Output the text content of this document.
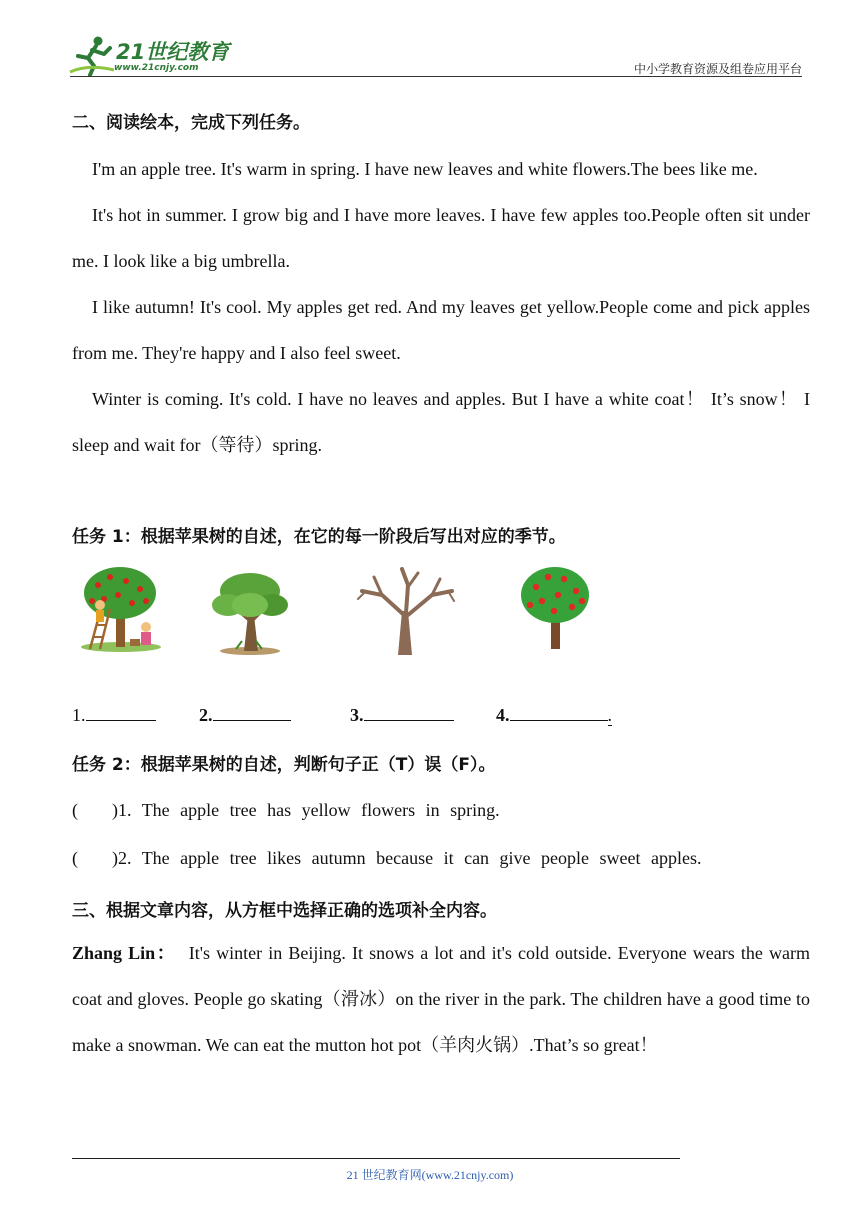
21世纪教育
www.21cnjy.com	中小学教育资源及组卷应用平台
二、阅读绘本，完成下列任务。
I'm an apple tree. It's warm in spring. I have new leaves and white flowers.The bees like me.
It's hot in summer. I grow big and I have more leaves. I have few apples too.People often sit under me. I look like a big umbrella.
I like autumn! It's cool. My apples get red. And my leaves get yellow.People come and pick apples from me. They're happy and I also feel sweet.
Winter is coming. It's cold. I have no leaves and apples. But I have a white coat！ It’s snow！ I sleep and wait for（等待）spring.
任务 1：根据苹果树的自述，在它的每一阶段后写出对应的季节。
1.	2.	3.	4.	.
任务 2：根据苹果树的自述，判断句子正（T）误（F）。
( )1. The apple tree has yellow flowers in spring.
( )2. The apple tree likes autumn because it can give people sweet apples.
三、根据文章内容，从方框中选择正确的选项补全内容。
Zhang Lin： It's winter in Beijing. It snows a lot and it's cold outside. Everyone wears the warm coat and gloves. People go skating（滑冰）on the river in the park. The children have a good time to make a snowman. We can eat the mutton hot pot（羊肉火锅）.That’s so great！
21 世纪教育网(www.21cnjy.com)
